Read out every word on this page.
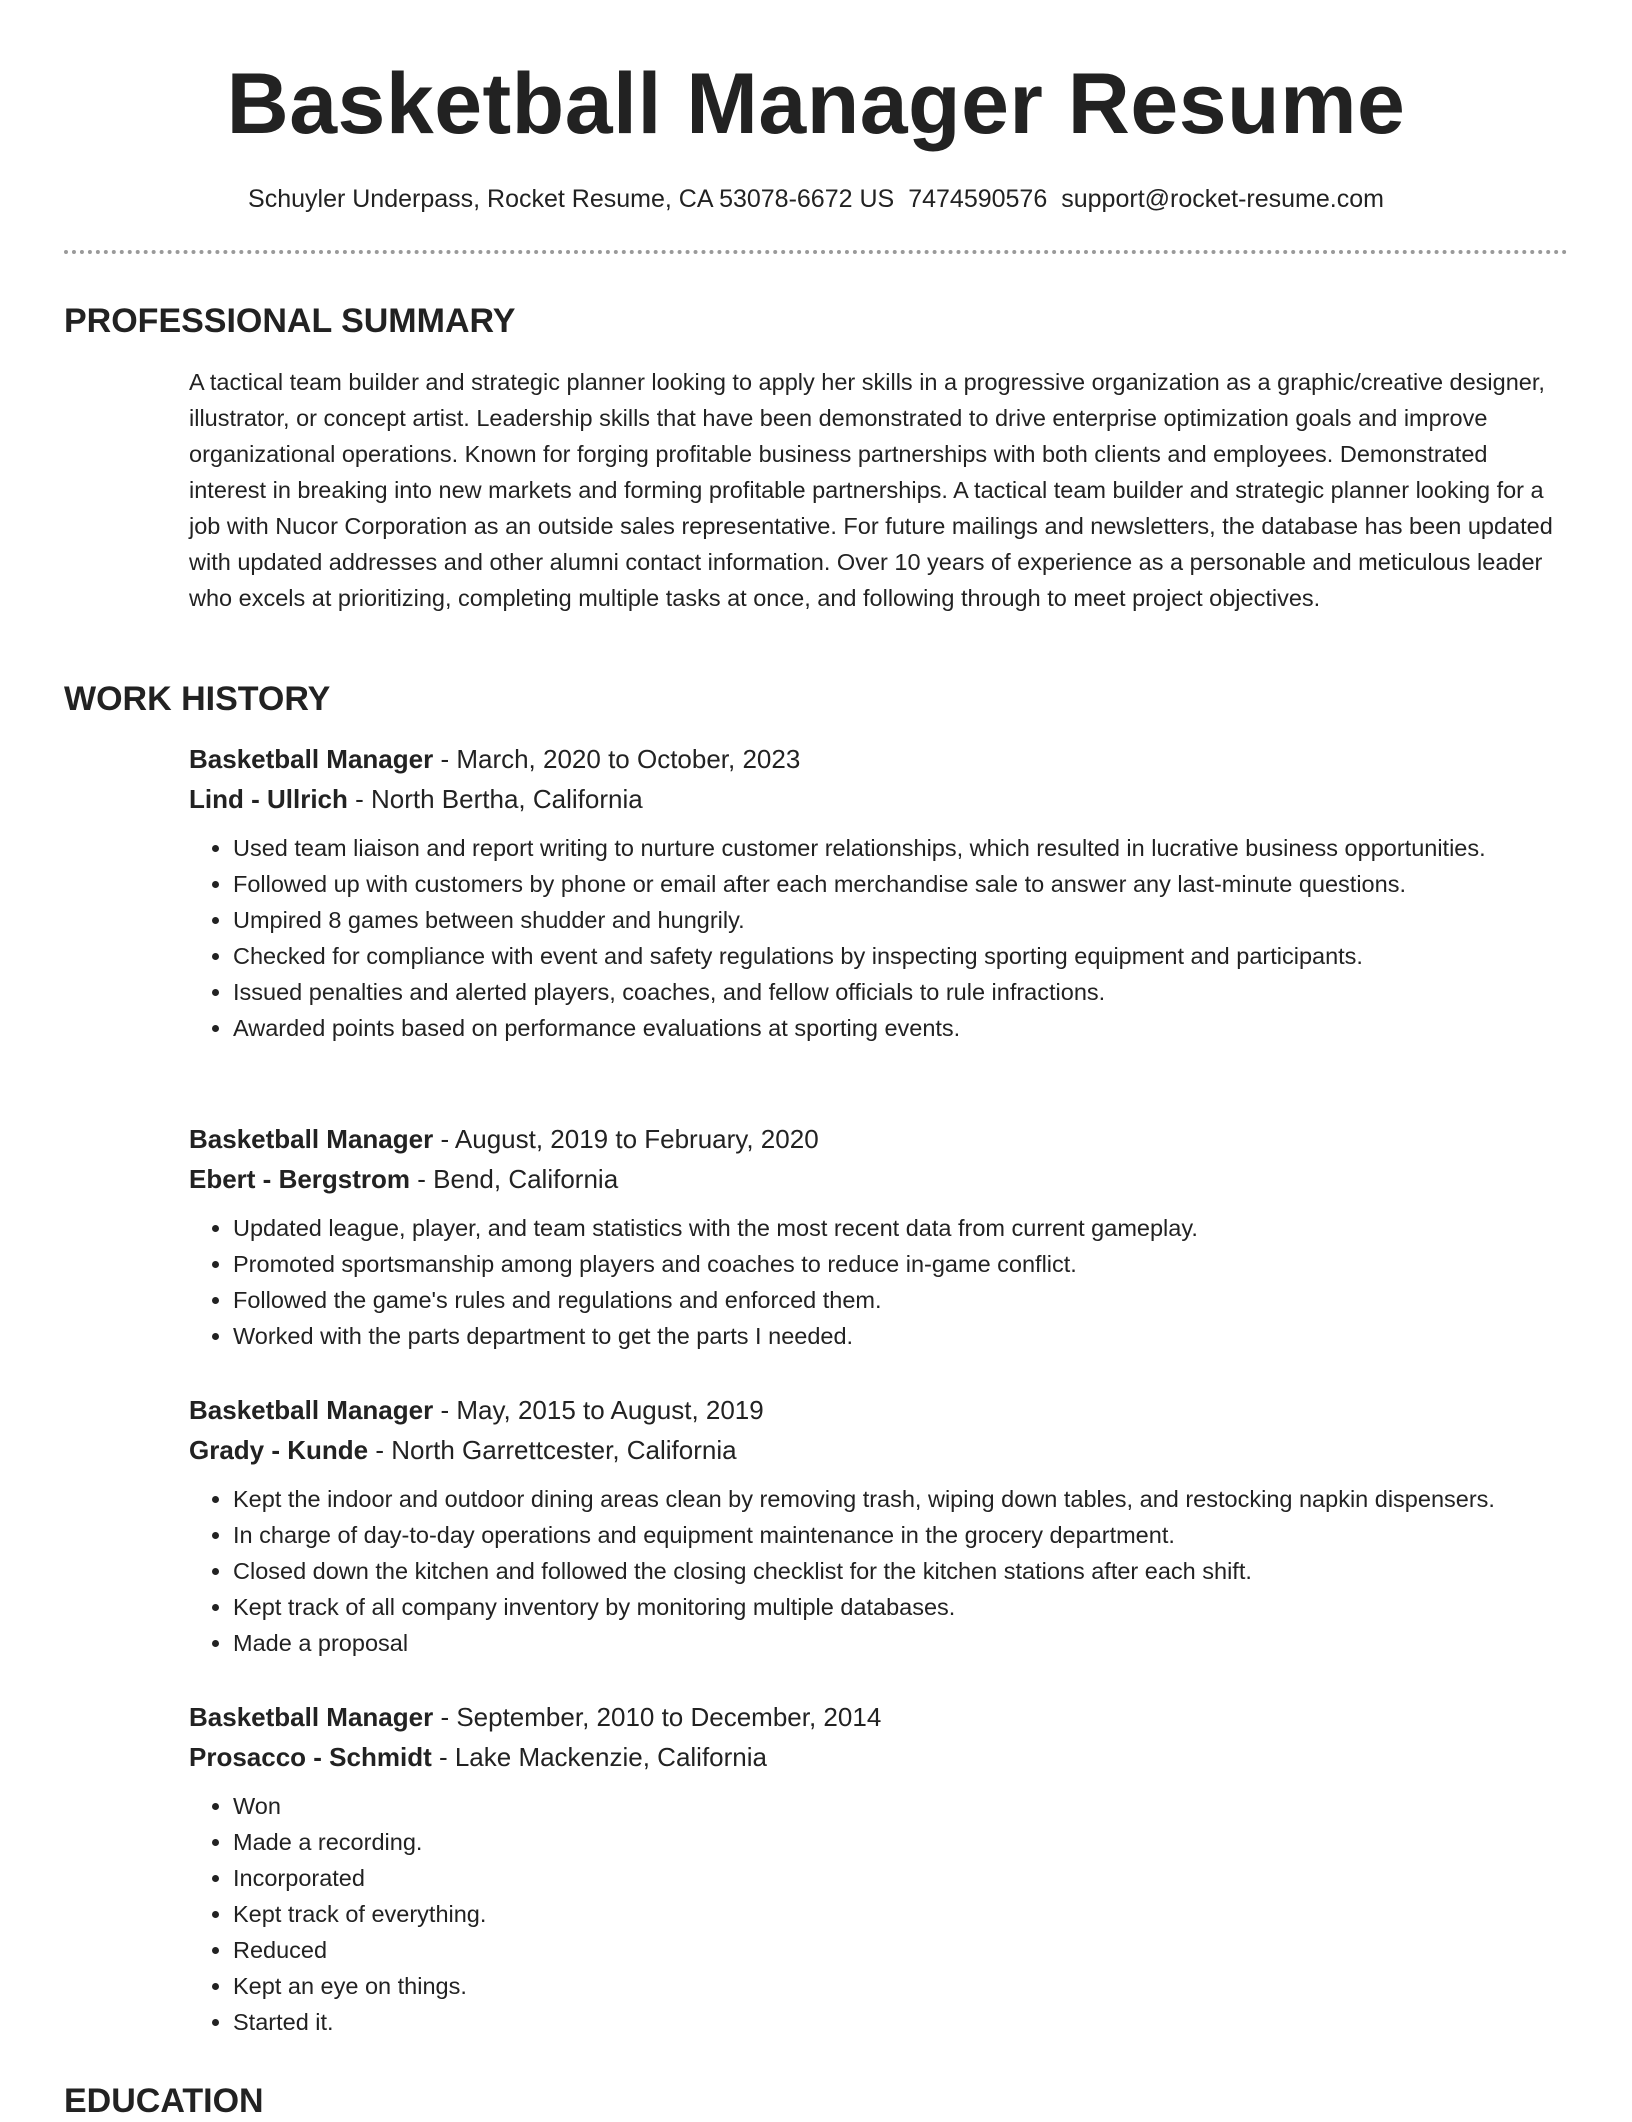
Basketball Manager Resume
Schuyler Underpass, Rocket Resume, CA 53078-6672 US 7474590576 support@rocket-resume.com
PROFESSIONAL SUMMARY

A tactical team builder and strategic planner looking to apply her skills in a progressive organization as a graphic/creative designer, illustrator, or concept artist. Leadership skills that have been demonstrated to drive enterprise optimization goals and improve organizational operations. Known for forging profitable business partnerships with both clients and employees. Demonstrated interest in breaking into new markets and forming profitable partnerships. A tactical team builder and strategic planner looking for a job with Nucor Corporation as an outside sales representative. For future mailings and newsletters, the database has been updated with updated addresses and other alumni contact information. Over 10 years of experience as a personable and meticulous leader who excels at prioritizing, completing multiple tasks at once, and following through to meet project objectives.

WORK HISTORY
Basketball Manager - March, 2020 to October, 2023
Lind - Ullrich - North Bertha, California
• Used team liaison and report writing to nurture customer relationships, which resulted in lucrative business opportunities.
• Followed up with customers by phone or email after each merchandise sale to answer any last-minute questions.
• Umpired 8 games between shudder and hungrily.
• Checked for compliance with event and safety regulations by inspecting sporting equipment and participants.
• Issued penalties and alerted players, coaches, and fellow officials to rule infractions.
• Awarded points based on performance evaluations at sporting events.
Basketball Manager - August, 2019 to February, 2020
Ebert - Bergstrom - Bend, California
• Updated league, player, and team statistics with the most recent data from current gameplay.
• Promoted sportsmanship among players and coaches to reduce in-game conflict.
• Followed the game's rules and regulations and enforced them.
• Worked with the parts department to get the parts I needed.
Basketball Manager - May, 2015 to August, 2019
Grady - Kunde - North Garrettcester, California
• Kept the indoor and outdoor dining areas clean by removing trash, wiping down tables, and restocking napkin dispensers.
• In charge of day-to-day operations and equipment maintenance in the grocery department.
• Closed down the kitchen and followed the closing checklist for the kitchen stations after each shift.
• Kept track of all company inventory by monitoring multiple databases.
• Made a proposal
Basketball Manager - September, 2010 to December, 2014
Prosacco - Schmidt - Lake Mackenzie, California
• Won
• Made a recording.
• Incorporated
• Kept track of everything.
• Reduced
• Kept an eye on things.
• Started it.
EDUCATION
